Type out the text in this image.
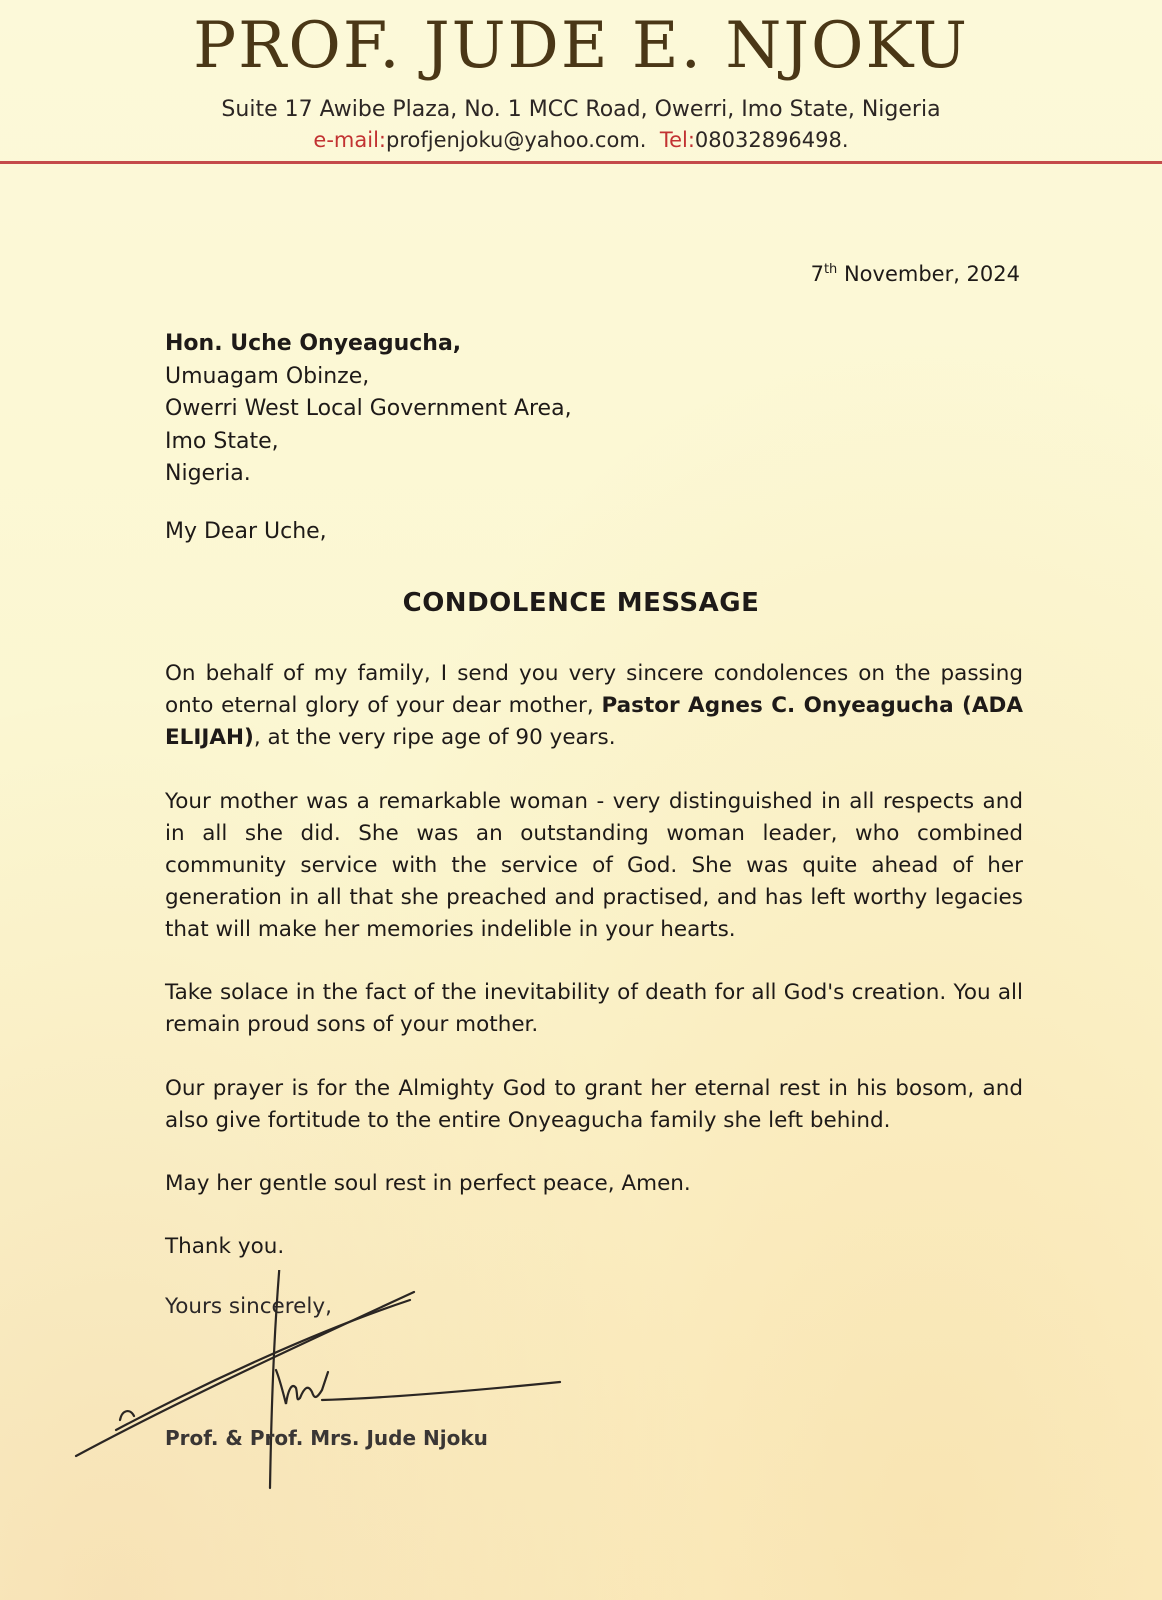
PROF. JUDE E. NJOKU
Suite 17 Awibe Plaza, No. 1 MCC Road, Owerri, Imo State, Nigeria
e-mail:profjenjoku@yahoo.com. Tel:08032896498.
7th November, 2024
Hon. Uche Onyeagucha,
Umuagam Obinze,
Owerri West Local Government Area,
Imo State,
Nigeria.
My Dear Uche,
CONDOLENCE MESSAGE
On behalf of my family, I send you very sincere condolences on the passing onto eternal glory of your dear mother, Pastor Agnes C. Onyeagucha (ADA ELIJAH), at the very ripe age of 90 years.
Your mother was a remarkable woman - very distinguished in all respects and in all she did. She was an outstanding woman leader, who combined community service with the service of God. She was quite ahead of her generation in all that she preached and practised, and has left worthy legacies that will make her memories indelible in your hearts.
Take solace in the fact of the inevitability of death for all God's creation. You all remain proud sons of your mother.
Our prayer is for the Almighty God to grant her eternal rest in his bosom, and also give fortitude to the entire Onyeagucha family she left behind.
May her gentle soul rest in perfect peace, Amen.
Thank you.
Yours sincerely,
Prof. & Prof. Mrs. Jude Njoku
